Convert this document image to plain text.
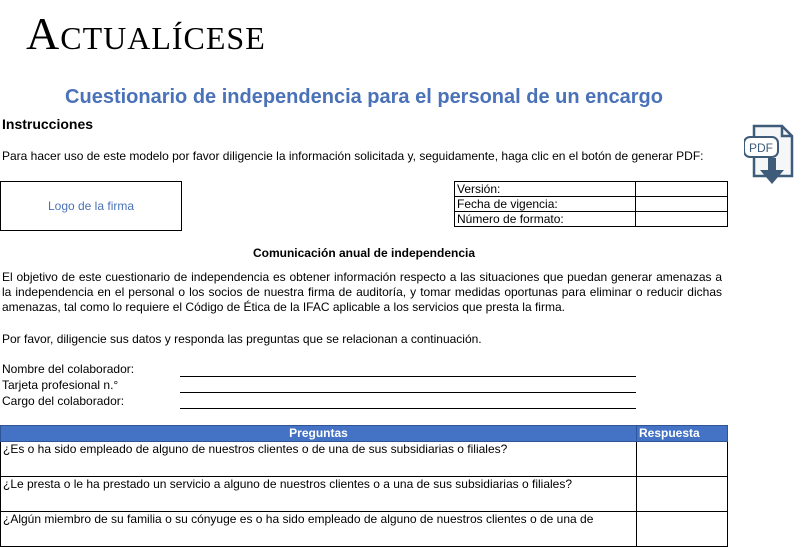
Actualícese
Cuestionario de independencia para el personal de un encargo
Instrucciones
Para hacer uso de este modelo por favor diligencie la información solicitada y, seguidamente, haga clic en el botón de generar PDF:
PDF
Logo de la firma
Versión:	
Fecha de vigencia:	
Número de formato:	
Comunicación anual de independencia
El objetivo de este cuestionario de independencia es obtener información respecto a las situaciones que puedan generar amenazas a la independencia en el personal o los socios de nuestra firma de auditoría, y tomar medidas oportunas para eliminar o reducir dichas amenazas, tal como lo requiere el Código de Ética de la IFAC aplicable a los servicios que presta la firma.
Por favor, diligencie sus datos y responda las preguntas que se relacionan a continuación.
Nombre del colaborador:
Tarjeta profesional n.°
Cargo del colaborador:
Preguntas	Respuesta
¿Es o ha sido empleado de alguno de nuestros clientes o de una de sus subsidiarias o filiales?	
¿Le presta o le ha prestado un servicio a alguno de nuestros clientes o a una de sus subsidiarias o filiales?	
¿Algún miembro de su familia o su cónyuge es o ha sido empleado de alguno de nuestros clientes o de una de	
